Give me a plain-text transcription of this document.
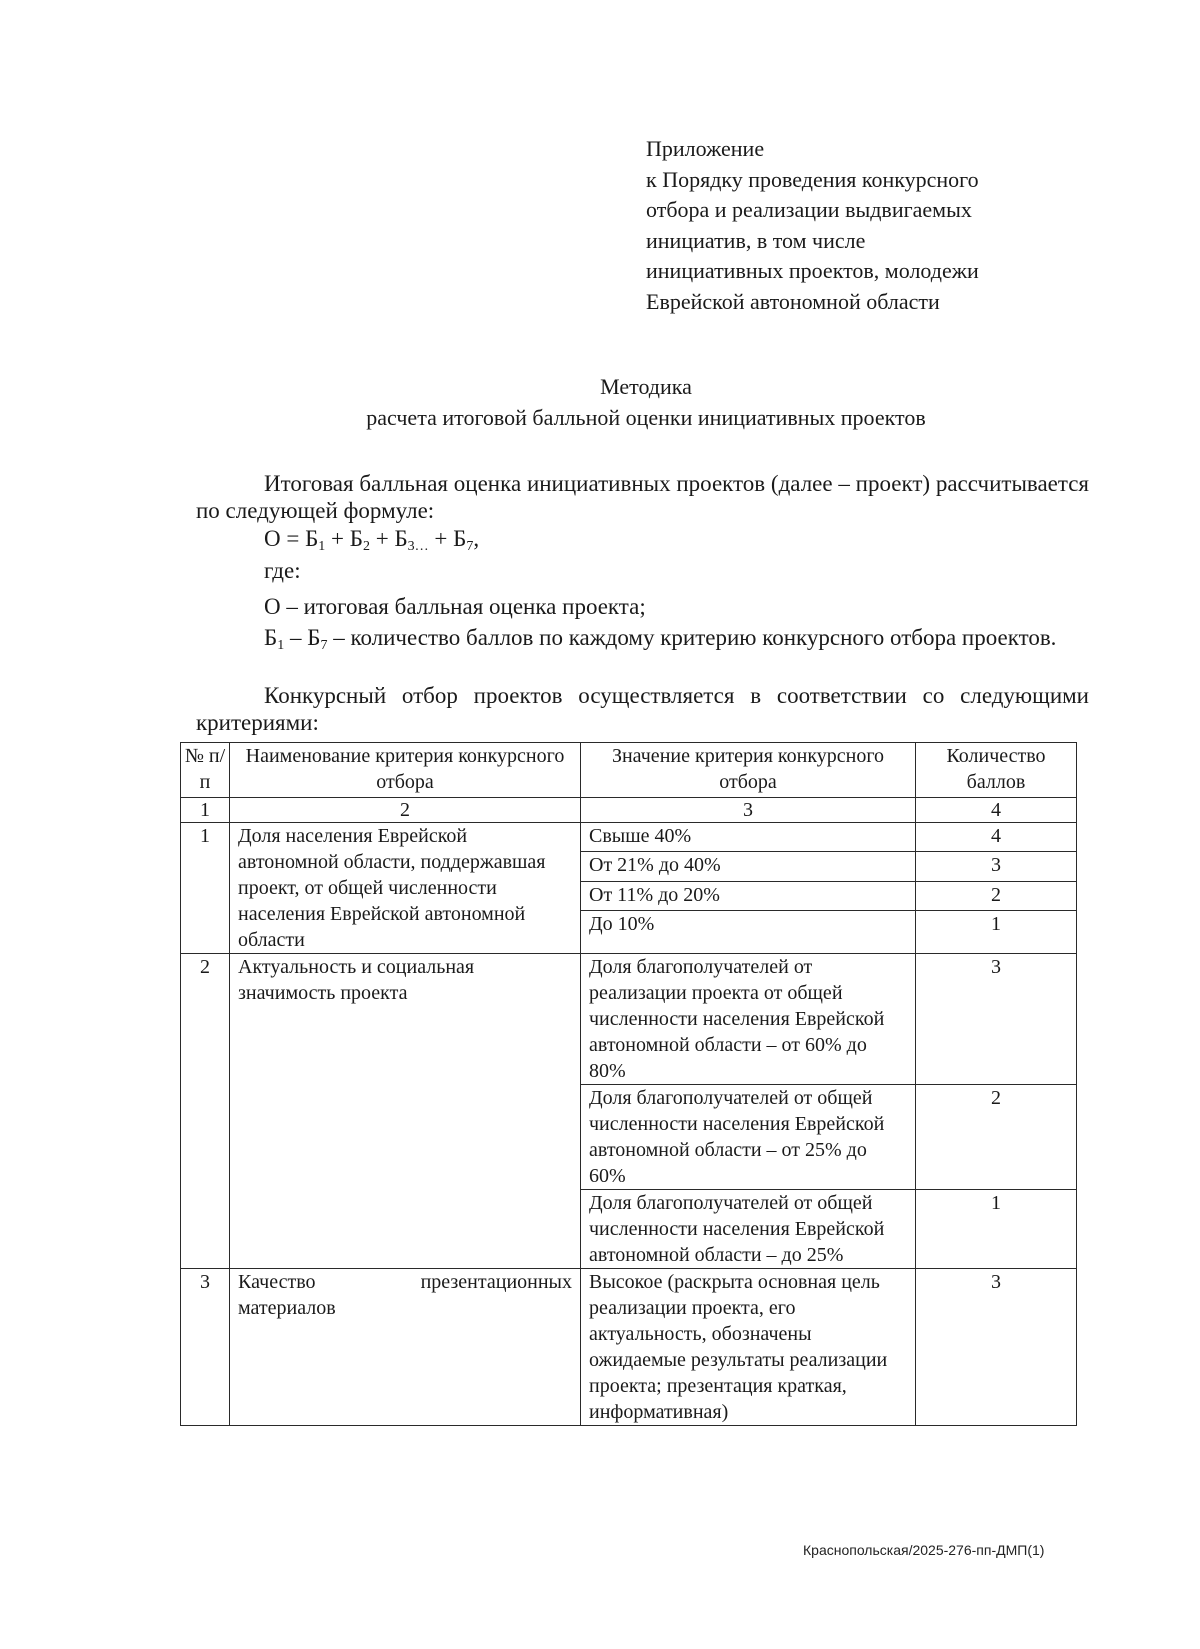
Приложение
к Порядку проведения конкурсного
отбора и реализации выдвигаемых
инициатив, в том числе
инициативных проектов, молодежи
Еврейской автономной области
Методика
расчета итоговой балльной оценки инициативных проектов
Итоговая балльная оценка инициативных проектов (далее – проект) рассчитывается по следующей формуле:
$О = Б_1 + Б_2 + Б_{3\dots} + Б_7$,
где:
О – итоговая балльная оценка проекта;
$Б_1 - Б_7$ – количество баллов по каждому критерию конкурсного отбора проектов.
Конкурсный отбор проектов осуществляется в соответствии со следующими критериями:
№ п/п	Наименование критерия конкурсного отбора	Значение критерия конкурсного отбора	Количество баллов
1	2	3	4
1	Доля населения Еврейской автономной области, поддержавшая проект, от общей численности населения Еврейской автономной области	Свыше 40%	4
		От 21% до 40%	3
		От 11% до 20%	2
		До 10%	1
2	Актуальность и социальная значимость проекта	Доля благополучателей от реализации проекта от общей численности населения Еврейской автономной области – от 60% до 80%	3
		Доля благополучателей от общей численности населения Еврейской автономной области – от 25% до 60%	2
		Доля благополучателей от общей численности населения Еврейской автономной области – до 25%	1
3	Качество презентационных материалов	Высокое (раскрыта основная цель реализации проекта, его актуальность, обозначены ожидаемые результаты реализации проекта; презентация краткая, информативная)	3
Краснопольская/2025-276-пп-ДМП(1)
